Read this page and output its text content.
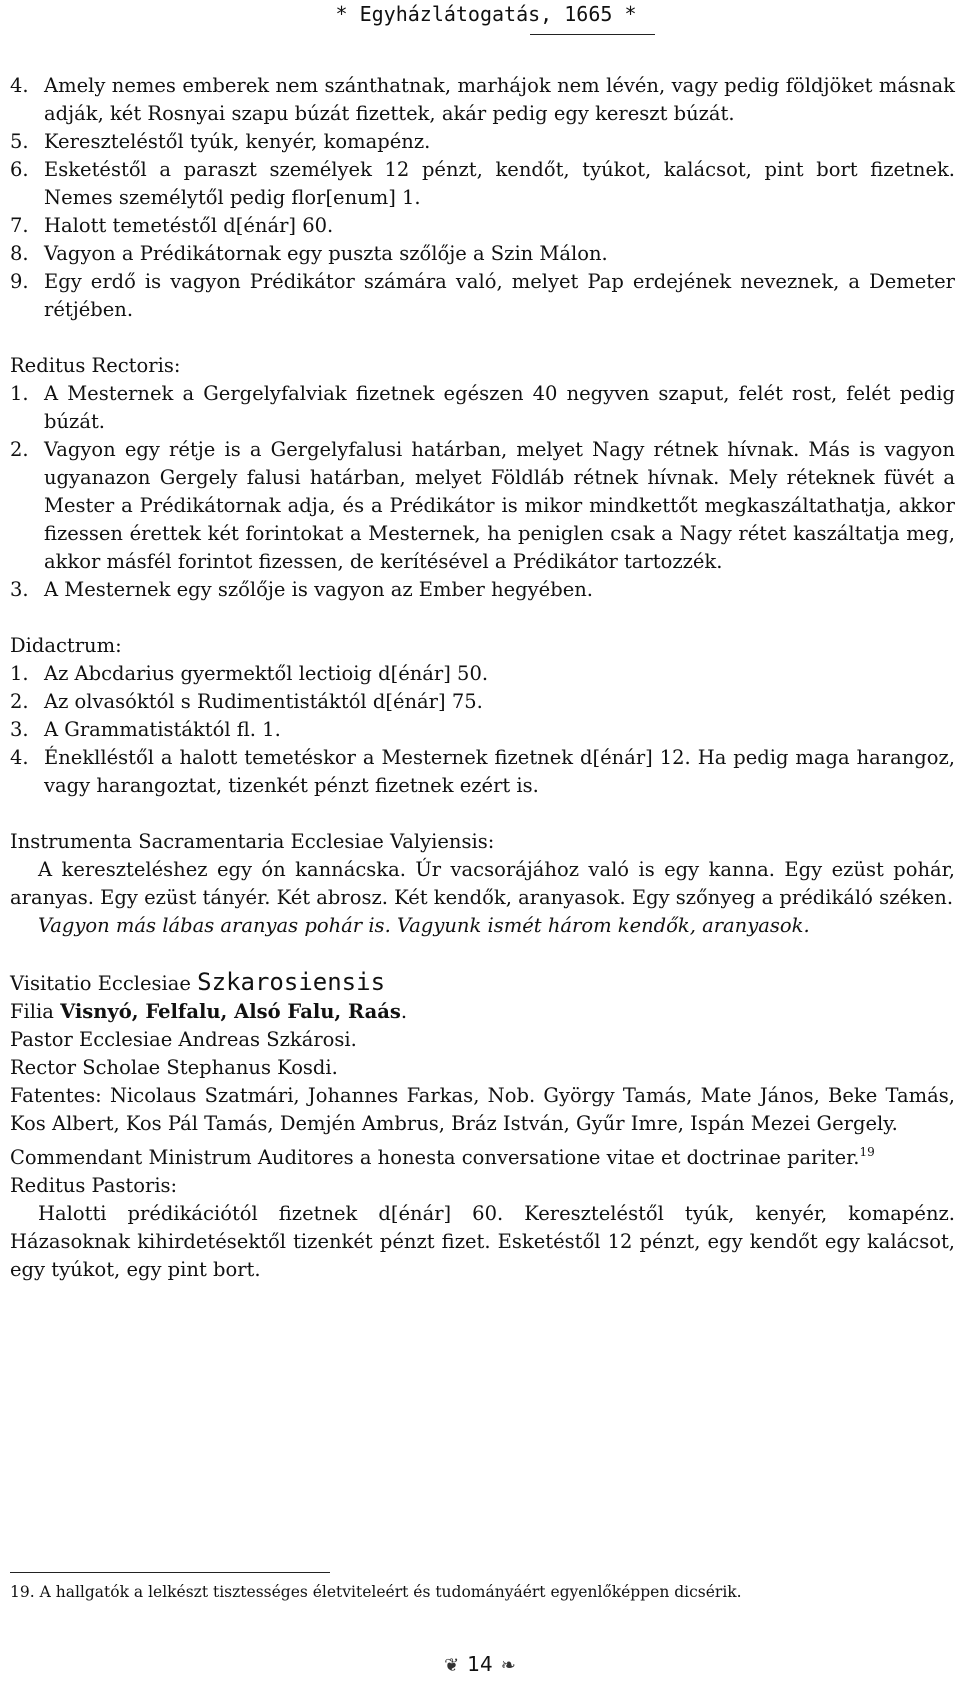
* Egyházlátogatás, 1665 *
4. Amely nemes emberek nem szánthatnak, marhájok nem lévén, vagy pedig földjöket másnak adják, két Rosnyai szapu búzát fizettek, akár pedig egy kereszt búzát.
5. Kereszteléstől tyúk, kenyér, komapénz.
6. Esketéstől a paraszt személyek 12 pénzt, kendőt, tyúkot, kalácsot, pint bort fizetnek. Nemes személytől pedig flor[enum] 1.
7. Halott temetéstől d[énár] 60.
8. Vagyon a Prédikátornak egy puszta szőlője a Szin Málon.
9. Egy erdő is vagyon Prédikátor számára való, melyet Pap erdejének neveznek, a Demeter rétjében.

Reditus Rectoris:

1. A Mesternek a Gergelyfalviak fizetnek egészen 40 negyven szaput, felét rost, felét pedig búzát.
2. Vagyon egy rétje is a Gergelyfalusi határban, melyet Nagy rétnek hívnak. Más is vagyon ugyanazon Gergely falusi határban, melyet Földláb rétnek hívnak. Mely réteknek füvét a Mester a Prédikátornak adja, és a Prédikátor is mikor mindkettőt megkaszáltathatja, akkor fizessen érettek két forintokat a Mesternek, ha peniglen csak a Nagy rétet kaszáltatja meg, akkor másfél forintot fizessen, de kerítésével a Prédikátor tartozzék.
3. A Mesternek egy szőlője is vagyon az Ember hegyében.

Didactrum:

1. Az Abcdarius gyermektől lectioig d[énár] 50.
2. Az olvasóktól s Rudimentistáktól d[énár] 75.
3. A Grammatistáktól fl. 1.
4. Éneklléstől a halott temetéskor a Mesternek fizetnek d[énár] 12. Ha pedig maga harangoz, vagy harangoztat, tizenkét pénzt fizetnek ezért is.

Instrumenta Sacramentaria Ecclesiae Valyiensis:

A kereszteléshez egy ón kannácska. Úr vacsorájához való is egy kanna. Egy ezüst pohár, aranyas. Egy ezüst tányér. Két abrosz. Két kendők, aranyasok. Egy szőnyeg a prédikáló széken.

Vagyon más lábas aranyas pohár is. Vagyunk ismét három kendők, aranyasok.

Visitatio Ecclesiae Szkarosiensis

Filia Visnyó, Felfalu, Alsó Falu, Raás.

Pastor Ecclesiae Andreas Szkárosi.

Rector Scholae Stephanus Kosdi.

Fatentes: Nicolaus Szatmári, Johannes Farkas, Nob. György Tamás, Mate János, Beke Tamás, Kos Albert, Kos Pál Tamás, Demjén Ambrus, Bráz István, Gyűr Imre, Ispán Mezei Gergely.

Commendant Ministrum Auditores a honesta conversatione vitae et doctrinae pariter.$^{19}$

Reditus Pastoris:

Halotti prédikációtól fizetnek d[énár] 60. Kereszteléstől tyúk, kenyér, komapénz. Házasoknak kihirdetésektől tizenkét pénzt fizet. Esketéstől 12 pénzt, egy kendőt egy kalácsot, egy tyúkot, egy pint bort.

19. A hallgatók a lelkészt tisztességes életviteleért és tudományáért egyenlőképpen dicsérik.
❦ 14 ❧
